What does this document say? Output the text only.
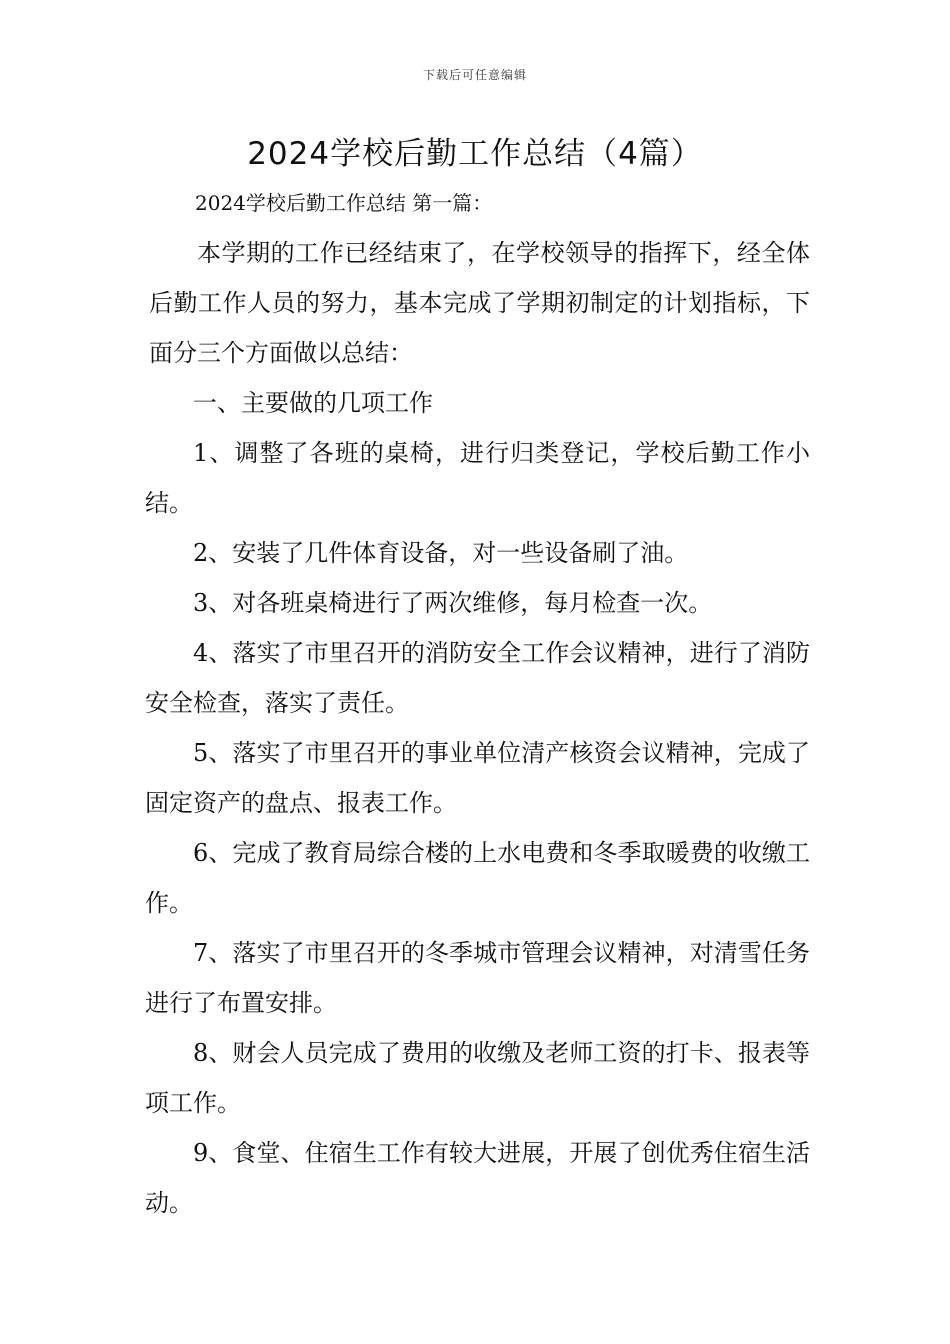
下载后可任意编辑
2024学校后勤工作总结（4篇）

2024学校后勤工作总结 第一篇：

本学期的工作已经结束了，在学校领导的指挥下，经全体后勤工作人员的努力，基本完成了学期初制定的计划指标，下面分三个方面做以总结：

一、主要做的几项工作

1、调整了各班的桌椅，进行归类登记，学校后勤工作小结。

2、安装了几件体育设备，对一些设备刷了油。

3、对各班桌椅进行了两次维修，每月检查一次。

4、落实了市里召开的消防安全工作会议精神，进行了消防安全检查，落实了责任。

5、落实了市里召开的事业单位清产核资会议精神，完成了固定资产的盘点、报表工作。

6、完成了教育局综合楼的上水电费和冬季取暖费的收缴工作。

7、落实了市里召开的冬季城市管理会议精神，对清雪任务进行了布置安排。

8、财会人员完成了费用的收缴及老师工资的打卡、报表等项工作。

9、食堂、住宿生工作有较大进展，开展了创优秀住宿生活动。
